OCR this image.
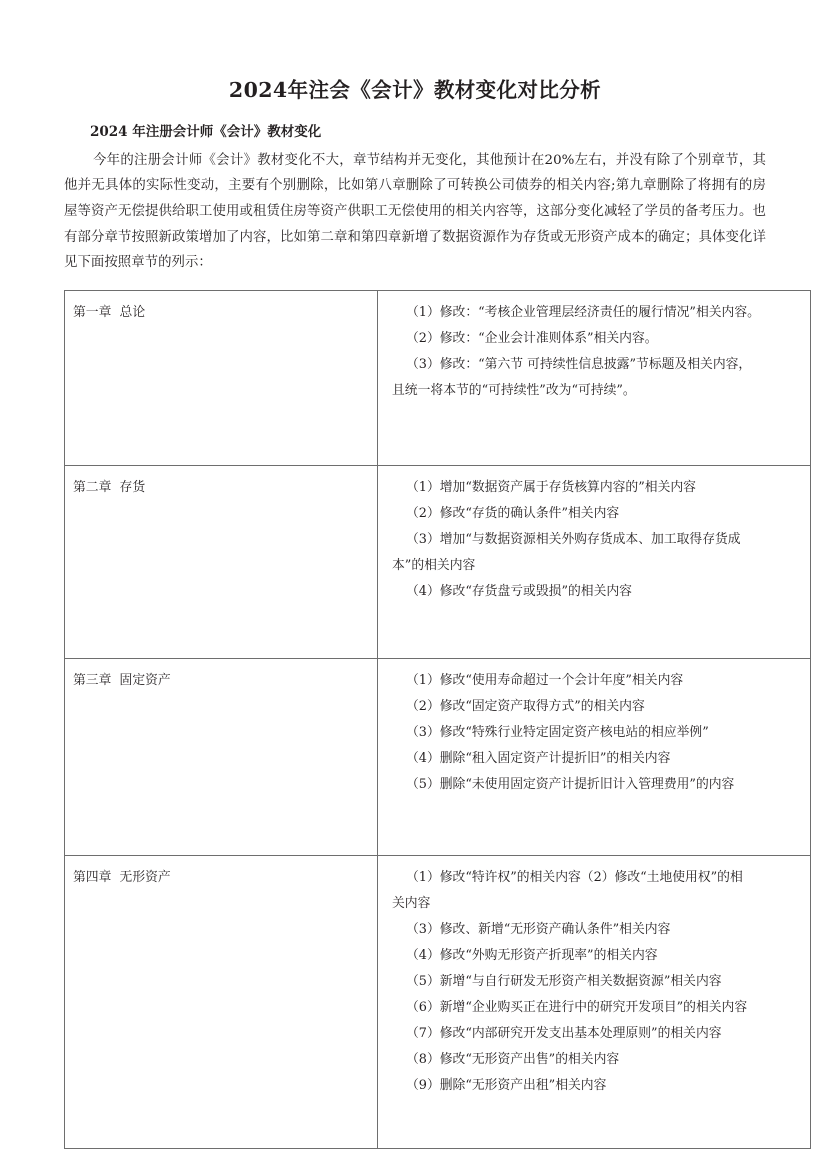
2024年注会《会计》教材变化对比分析

2024 年注册会计师《会计》教材变化

今年的注册会计师《会计》教材变化不大，章节结构并无变化，其他预计在20%左右，并没有除了个别章节，其他并无具体的实际性变动，主要有个别删除，比如第八章删除了可转换公司债券的相关内容;第九章删除了将拥有的房屋等资产无偿提供给职工使用或租赁住房等资产供职工无偿使用的相关内容等，这部分变化减轻了学员的备考压力。也有部分章节按照新政策增加了内容，比如第二章和第四章新增了数据资源作为存货或无形资产成本的确定；具体变化详见下面按照章节的列示：

第一章  总论	（1）修改：“考核企业管理层经济责任的履行情况”相关内容。
（2）修改：“企业会计准则体系”相关内容。
（3）修改：“第六节 可持续性信息披露”节标题及相关内容，
且统一将本节的“可持续性”改为“可持续”。

第二章  存货	（1）增加“数据资产属于存货核算内容的”相关内容
（2）修改“存货的确认条件”相关内容
（3）增加“与数据资源相关外购存货成本、加工取得存货成
本”的相关内容
（4）修改“存货盘亏或毁损”的相关内容

第三章  固定资产	（1）修改“使用寿命超过一个会计年度”相关内容
（2）修改“固定资产取得方式”的相关内容
（3）修改“特殊行业特定固定资产核电站的相应举例”
（4）删除“租入固定资产计提折旧”的相关内容
（5）删除“未使用固定资产计提折旧计入管理费用”的内容

第四章  无形资产	（1）修改“特许权”的相关内容（2）修改“土地使用权”的相
关内容
（3）修改、新增“无形资产确认条件”相关内容
（4）修改“外购无形资产折现率”的相关内容
（5）新增“与自行研发无形资产相关数据资源”相关内容
（6）新增“企业购买正在进行中的研究开发项目”的相关内容
（7）修改“内部研究开发支出基本处理原则”的相关内容
（8）修改“无形资产出售”的相关内容
（9）删除“无形资产出租”相关内容
